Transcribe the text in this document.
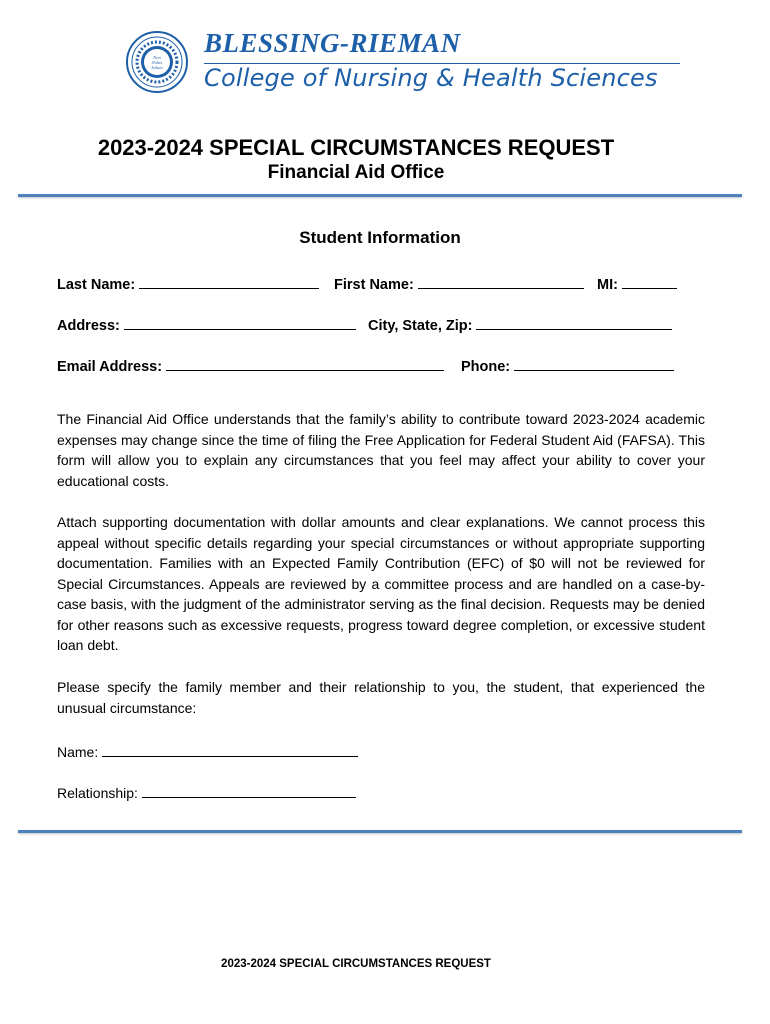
Non
Nobis
Solum
BLESSING-RIEMAN
College of Nursing & Health Sciences
2023-2024 SPECIAL CIRCUMSTANCES REQUEST
Financial Aid Office
Student Information
Last Name:	First Name:	MI:
Address:	City, State, Zip:
Email Address:	Phone:
The Financial Aid Office understands that the family’s ability to contribute toward 2023-2024 academic expenses may change since the time of filing the Free Application for Federal Student Aid (FAFSA). This form will allow you to explain any circumstances that you feel may affect your ability to cover your educational costs.
Attach supporting documentation with dollar amounts and clear explanations. We cannot process this appeal without specific details regarding your special circumstances or without appropriate supporting documentation. Families with an Expected Family Contribution (EFC) of $0 will not be reviewed for Special Circumstances. Appeals are reviewed by a committee process and are handled on a case-by-case basis, with the judgment of the administrator serving as the final decision. Requests may be denied for other reasons such as excessive requests, progress toward degree completion, or excessive student loan debt.
Please specify the family member and their relationship to you, the student, that experienced the unusual circumstance:
Name:
Relationship:
2023-2024 SPECIAL CIRCUMSTANCES REQUEST
